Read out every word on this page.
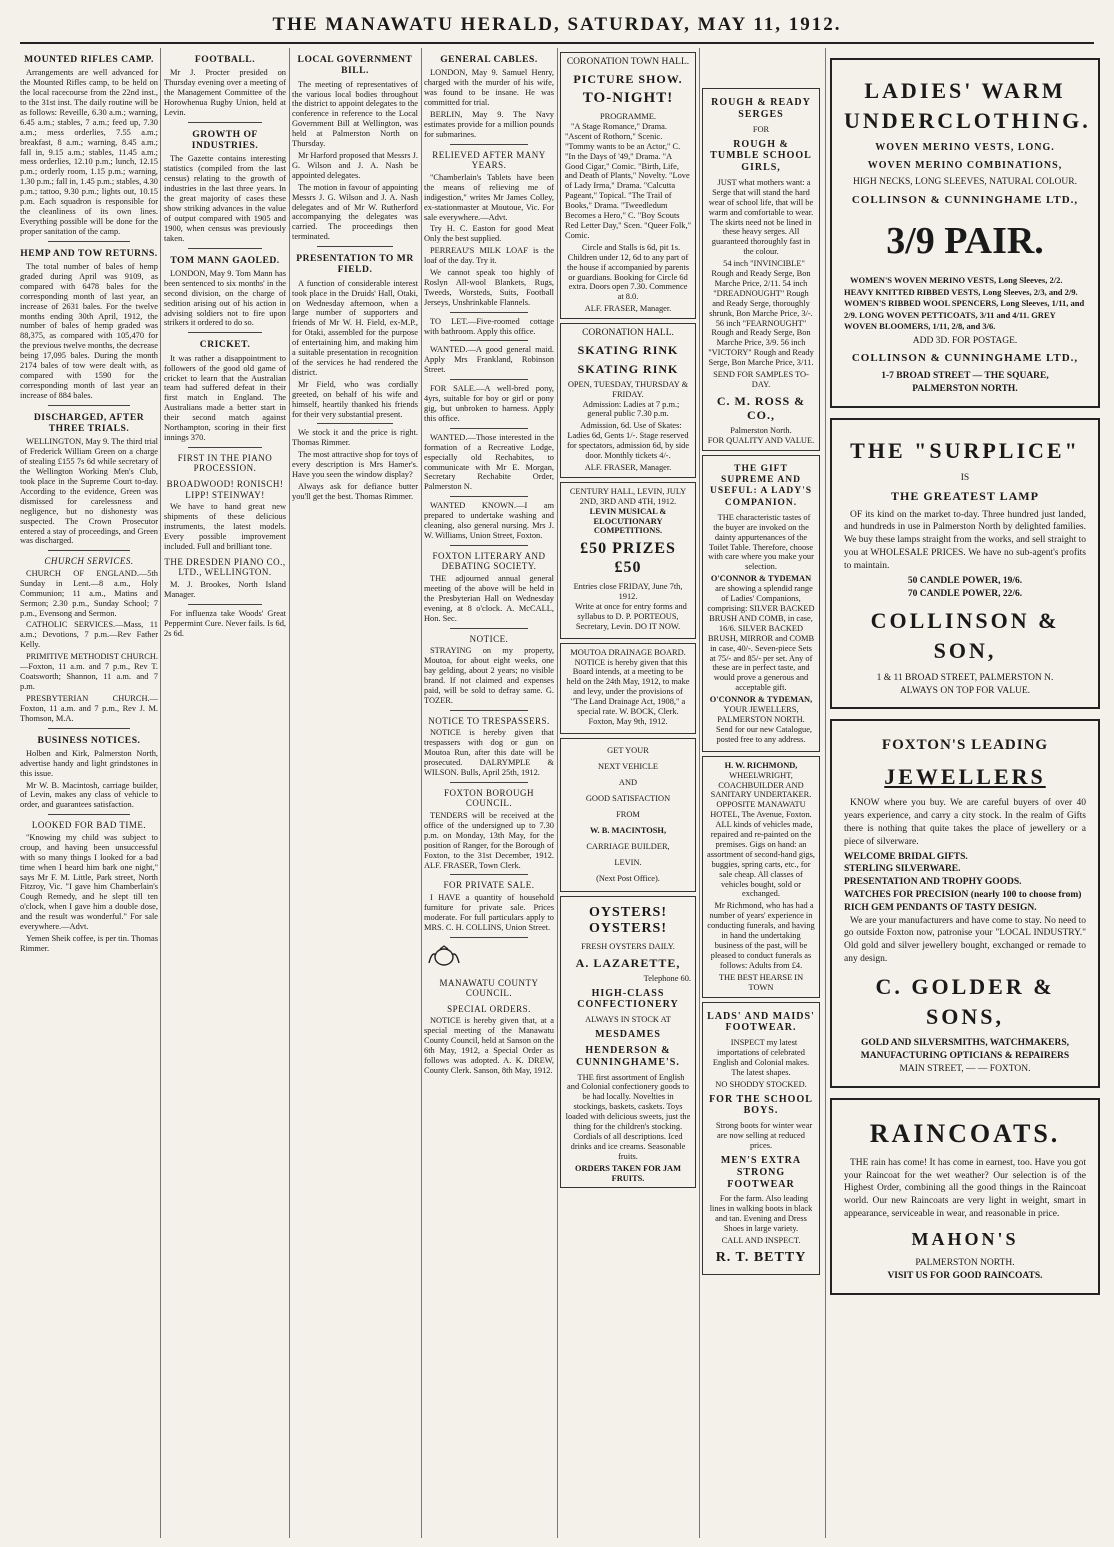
THE MANAWATU HERALD, SATURDAY, MAY 11, 1912.
MOUNTED RIFLES CAMP.

Arrangements are well advanced for the Mounted Rifles camp, to be held on the local racecourse from the 22nd inst., to the 31st inst. The daily routine will be as follows: Reveille, 6.30 a.m.; warning, 6.45 a.m.; stables, 7 a.m.; feed up, 7.30 a.m.; mess orderlies, 7.55 a.m.; breakfast, 8 a.m.; warning, 8.45 a.m.; fall in, 9.15 a.m.; stables, 11.45 a.m.; mess orderlies, 12.10 p.m.; lunch, 12.15 p.m.; orderly room, 1.15 p.m.; warning, 1.30 p.m.; fall in, 1.45 p.m.; stables, 4.30 p.m.; tattoo, 9.30 p.m.; lights out, 10.15 p.m. Each squadron is responsible for the cleanliness of its own lines. Everything possible will be done for the proper sanitation of the camp.

HEMP AND TOW RETURNS.

The total number of bales of hemp graded during April was 9109, as compared with 6478 bales for the corresponding month of last year, an increase of 2631 bales. For the twelve months ending 30th April, 1912, the number of bales of hemp graded was 88,375, as compared with 105,470 for the previous twelve months, the decrease being 17,095 bales. During the month 2174 bales of tow were dealt with, as compared with 1590 for the corresponding month of last year an increase of 884 bales.

DISCHARGED, AFTER THREE TRIALS.

WELLINGTON, May 9. The third trial of Frederick William Green on a charge of stealing £155 7s 6d while secretary of the Wellington Working Men's Club, took place in the Supreme Court to-day. According to the evidence, Green was dismissed for carelessness and negligence, but no dishonesty was suspected. The Crown Prosecutor entered a stay of proceedings, and Green was discharged.

CHURCH SERVICES.

CHURCH OF ENGLAND.—5th Sunday in Lent.—8 a.m., Holy Communion; 11 a.m., Matins and Sermon; 2.30 p.m., Sunday School; 7 p.m., Evensong and Sermon.

CATHOLIC SERVICES.—Mass, 11 a.m.; Devotions, 7 p.m.—Rev Father Kelly.

PRIMITIVE METHODIST CHURCH.—Foxton, 11 a.m. and 7 p.m., Rev T. Coatsworth; Shannon, 11 a.m. and 7 p.m.

PRESBYTERIAN CHURCH.—Foxton, 11 a.m. and 7 p.m., Rev J. M. Thomson, M.A.

BUSINESS NOTICES.

Holben and Kirk, Palmerston North, advertise handy and light grindstones in this issue.

Mr W. B. Macintosh, carriage builder, of Levin, makes any class of vehicle to order, and guarantees satisfaction.

LOOKED FOR BAD TIME.

"Knowing my child was subject to croup, and having been unsuccessful with so many things I looked for a bad time when I heard him bark one night," says Mr F. M. Little, Park street, North Fitzroy, Vic. "I gave him Chamberlain's Cough Remedy, and he slept till ten o'clock, when I gave him a double dose, and the result was wonderful." For sale everywhere.—Advt.

Yemen Sheik coffee, is per tin. Thomas Rimmer.

FOOTBALL.

Mr J. Procter presided on Thursday evening over a meeting of the Management Committee of the Horowhenua Rugby Union, held at Levin.

GROWTH OF INDUSTRIES.

The Gazette contains interesting statistics (compiled from the last census) relating to the growth of industries in the last three years. In the great majority of cases these show striking advances in the value of output compared with 1905 and 1900, when census was previously taken.

TOM MANN GAOLED.

LONDON, May 9. Tom Mann has been sentenced to six months' in the second division, on the charge of sedition arising out of his action in advising soldiers not to fire upon strikers it ordered to do so.

CRICKET.

It was rather a disappointment to followers of the good old game of cricket to learn that the Australian team had suffered defeat in their first match in England. The Australians made a better start in their second match against Northampton, scoring in their first innings 370.

FIRST IN THE PIANO PROCESSION.
BROADWOOD! RONISCH! LIPP! STEINWAY!

We have to hand great new shipments of these delicious instruments, the latest models. Every possible improvement included. Full and brilliant tone.

THE DRESDEN PIANO CO., LTD., WELLINGTON.

M. J. Brookes, North Island Manager.

For influenza take Woods' Great Peppermint Cure. Never fails. Is 6d, 2s 6d.

LOCAL GOVERNMENT BILL.

The meeting of representatives of the various local bodies throughout the district to appoint delegates to the conference in reference to the Local Government Bill at Wellington, was held at Palmerston North on Thursday.

Mr Harford proposed that Messrs J. G. Wilson and J. A. Nash be appointed delegates.

The motion in favour of appointing Messrs J. G. Wilson and J. A. Nash delegates and of Mr W. Rutherford accompanying the delegates was carried. The proceedings then terminated.

PRESENTATION TO MR FIELD.

A function of considerable interest took place in the Druids' Hall, Otaki, on Wednesday afternoon, when a large number of supporters and friends of Mr W. H. Field, ex-M.P., for Otaki, assembled for the purpose of entertaining him, and making him a suitable presentation in recognition of the services he had rendered the district.

Mr Field, who was cordially greeted, on behalf of his wife and himself, heartily thanked his friends for their very substantial present.

We stock it and the price is right. Thomas Rimmer.

The most attractive shop for toys of every description is Mrs Hamer's. Have you seen the window display?

Always ask for defiance butter you'll get the best. Thomas Rimmer.

GENERAL CABLES.

LONDON, May 9. Samuel Henry, charged with the murder of his wife, was found to be insane. He was committed for trial.

BERLIN, May 9. The Navy estimates provide for a million pounds for submarines.

RELIEVED AFTER MANY YEARS.

"Chamberlain's Tablets have been the means of relieving me of indigestion," writes Mr James Colley, ex-stationmaster at Moutoue, Vic. For sale everywhere.—Advt.

Try H. C. Easton for good Meat Only the best supplied.

PERREAU'S MILK LOAF is the loaf of the day. Try it.

We cannot speak too highly of Roslyn All-wool Blankets, Rugs, Tweeds, Worsteds, Suits, Football Jerseys, Unshrinkable Flannels.

TO LET.—Five-roomed cottage with bathroom. Apply this office.

WANTED.—A good general maid. Apply Mrs Frankland, Robinson Street.

FOR SALE.—A well-bred pony, 4yrs, suitable for boy or girl or pony gig, but unbroken to harness. Apply this office.

WANTED.—Those interested in the formation of a Recreative Lodge, especially old Rechabites, to communicate with Mr E. Morgan, Secretary Rechabite Order, Palmerston N.

WANTED KNOWN.—I am prepared to undertake washing and cleaning, also general nursing. Mrs J. W. Williams, Union Street, Foxton.

FOXTON LITERARY AND DEBATING SOCIETY.

THE adjourned annual general meeting of the above will be held in the Presbyterian Hall on Wednesday evening, at 8 o'clock. A. McCALL, Hon. Sec.

NOTICE.

STRAYING on my property, Moutoa, for about eight weeks, one bay gelding, about 2 years; no visible brand. If not claimed and expenses paid, will be sold to defray same. G. TOZER.

NOTICE TO TRESPASSERS.

NOTICE is hereby given that trespassers with dog or gun on Moutoa Run, after this date will be prosecuted. DALRYMPLE & WILSON. Bulls, April 25th, 1912.

FOXTON BOROUGH COUNCIL.

TENDERS will be received at the office of the undersigned up to 7.30 p.m. on Monday, 13th May, for the position of Ranger, for the Borough of Foxton, to the 31st December, 1912. ALF. FRASER, Town Clerk.

FOR PRIVATE SALE.

I HAVE a quantity of household furniture for private sale. Prices moderate. For full particulars apply to MRS. C. H. COLLINS, Union Street.

MANAWATU COUNTY COUNCIL.
SPECIAL ORDERS.

NOTICE is hereby given that, at a special meeting of the Manawatu County Council, held at Sanson on the 6th May, 1912, a Special Order as follows was adopted. A. K. DREW, County Clerk. Sanson, 8th May, 1912.

CORONATION TOWN HALL.
PICTURE SHOW.
TO-NIGHT!
PROGRAMME.

"A Stage Romance," Drama. "Ascent of Rothorn," Scenic. "Tommy wants to be an Actor," C. "In the Days of '49," Drama. "A Good Cigar," Comic. "Birth, Life, and Death of Plants," Novelty. "Love of Lady Irma," Drama. "Calcutta Pageant," Topical. "The Trail of Books," Drama. "Tweedledum Becomes a Hero," C. "Boy Scouts Red Letter Day," Scen. "Queer Folk," Comic.

Circle and Stalls is 6d, pit 1s. Children under 12, 6d to any part of the house if accompanied by parents or guardians. Booking for Circle 6d extra. Doors open 7.30. Commence at 8.0.

ALF. FRASER, Manager.
CORONATION HALL.
SKATING RINK
SKATING RINK
OPEN, TUESDAY, THURSDAY & FRIDAY.

Admission: Ladies at 7 p.m.; general public 7.30 p.m.

Admission, 6d. Use of Skates: Ladies 6d, Gents 1/-. Stage reserved for spectators, admission 6d, by side door. Monthly tickets 4/-.

ALF. FRASER, Manager.
CENTURY HALL, LEVIN, JULY 2ND, 3RD AND 4TH, 1912.
LEVIN MUSICAL & ELOCUTIONARY COMPETITIONS.
£50 PRIZES £50
Entries close FRIDAY, June 7th, 1912.

Write at once for entry forms and syllabus to D. P. PORTEOUS, Secretary, Levin. DO IT NOW.

MOUTOA DRAINAGE BOARD.

NOTICE is hereby given that this Board intends, at a meeting to be held on the 24th May, 1912, to make and levy, under the provisions of "The Land Drainage Act, 1908," a special rate. W. BOCK, Clerk. Foxton, May 9th, 1912.

GET YOUR
NEXT VEHICLE
AND
GOOD SATISFACTION
FROM
W. B. MACINTOSH,
CARRIAGE BUILDER,
LEVIN.
(Next Post Office).
OYSTERS! OYSTERS!
FRESH OYSTERS DAILY.
A. LAZARETTE,
Telephone 60.
HIGH-CLASS CONFECTIONERY
ALWAYS IN STOCK AT
MESDAMES
HENDERSON & CUNNINGHAME'S.

THE first assortment of English and Colonial confectionery goods to be had locally. Novelties in stockings, baskets, caskets. Toys loaded with delicious sweets, just the thing for the children's stocking. Cordials of all descriptions. Iced drinks and ice creams. Seasonable fruits.

ORDERS TAKEN FOR JAM FRUITS.
ROUGH & READY SERGES
FOR
ROUGH & TUMBLE SCHOOL GIRLS,

JUST what mothers want: a Serge that will stand the hard wear of school life, that will be warm and comfortable to wear. The skirts need not be lined in these heavy serges. All guaranteed thoroughly fast in the colour.

54 inch "INVINCIBLE" Rough and Ready Serge, Bon Marche Price, 2/11. 54 inch "DREADNOUGHT" Rough and Ready Serge, thoroughly shrunk, Bon Marche Price, 3/-. 56 inch "FEARNOUGHT" Rough and Ready Serge, Bon Marche Price, 3/9. 56 inch "VICTORY" Rough and Ready Serge, Bon Marche Price, 3/11.

SEND FOR SAMPLES TO-DAY.
C. M. ROSS & CO.,
Palmerston North.
FOR QUALITY AND VALUE.
THE GIFT SUPREME AND USEFUL: A LADY'S COMPANION.

THE characteristic tastes of the buyer are invoked on the dainty appurtenances of the Toilet Table. Therefore, choose with care where you make your selection.

O'CONNOR & TYDEMAN

are showing a splendid range of Ladies' Companions, comprising: SILVER BACKED BRUSH AND COMB, in case, 16/6. SILVER BACKED BRUSH, MIRROR and COMB in case, 40/-. Seven-piece Sets at 75/- and 85/- per set. Any of these are in perfect taste, and would prove a generous and acceptable gift.

O'CONNOR & TYDEMAN,
YOUR JEWELLERS,
PALMERSTON NORTH.

Send for our new Catalogue, posted free to any address.

H. W. RICHMOND,
WHEELWRIGHT, COACHBUILDER AND SANITARY UNDERTAKER.
OPPOSITE MANAWATU HOTEL, The Avenue, Foxton.

ALL kinds of vehicles made, repaired and re-painted on the premises. Gigs on hand: an assortment of second-hand gigs, buggies, spring carts, etc., for sale cheap. All classes of vehicles bought, sold or exchanged.

Mr Richmond, who has had a number of years' experience in conducting funerals, and having in hand the undertaking business of the past, will be pleased to conduct funerals as follows: Adults from £4.

THE BEST HEARSE IN TOWN
LADS' AND MAIDS' FOOTWEAR.

INSPECT my latest importations of celebrated English and Colonial makes. The latest shapes.

NO SHODDY STOCKED.
FOR THE SCHOOL BOYS.

Strong boots for winter wear are now selling at reduced prices.

MEN'S EXTRA STRONG FOOTWEAR

For the farm. Also leading lines in walking boots in black and tan. Evening and Dress Shoes in large variety.

CALL AND INSPECT.
R. T. BETTY
LADIES' WARM UNDERCLOTHING.
WOVEN MERINO VESTS, LONG.
WOVEN MERINO COMBINATIONS,
HIGH NECKS, LONG SLEEVES, NATURAL COLOUR.
COLLINSON & CUNNINGHAME LTD.,
3/9 PAIR.

WOMEN'S WOVEN MERINO VESTS, Long Sleeves, 2/2. HEAVY KNITTED RIBBED VESTS, Long Sleeves, 2/3, and 2/9. WOMEN'S RIBBED WOOL SPENCERS, Long Sleeves, 1/11, and 2/9. LONG WOVEN PETTICOATS, 3/11 and 4/11. GREY WOVEN BLOOMERS, 1/11, 2/8, and 3/6.

ADD 3D. FOR POSTAGE.
COLLINSON & CUNNINGHAME LTD.,
1-7 BROAD STREET — THE SQUARE,
PALMERSTON NORTH.
THE "SURPLICE"
IS
THE GREATEST LAMP

OF its kind on the market to-day. Three hundred just landed, and hundreds in use in Palmerston North by delighted families. We buy these lamps straight from the works, and sell straight to you at WHOLESALE PRICES. We have no sub-agent's profits to maintain.

50 CANDLE POWER, 19/6.
70 CANDLE POWER, 22/6.
COLLINSON & SON,
1 & 11 BROAD STREET, PALMERSTON N.
ALWAYS ON TOP FOR VALUE.
FOXTON'S LEADING
JEWELLERS

KNOW where you buy. We are careful buyers of over 40 years experience, and carry a city stock. In the realm of Gifts there is nothing that quite takes the place of jewellery or a piece of silverware.

WELCOME BRIDAL GIFTS.
STERLING SILVERWARE.
PRESENTATION AND TROPHY GOODS.
WATCHES FOR PRECISION (nearly 100 to choose from)
RICH GEM PENDANTS OF TASTY DESIGN.

We are your manufacturers and have come to stay. No need to go outside Foxton now, patronise your "LOCAL INDUSTRY." Old gold and silver jewellery bought, exchanged or remade to any design.

C. GOLDER & SONS,
GOLD AND SILVERSMITHS, WATCHMAKERS, MANUFACTURING OPTICIANS & REPAIRERS
MAIN STREET, — — FOXTON.
RAINCOATS.

THE rain has come! It has come in earnest, too. Have you got your Raincoat for the wet weather? Our selection is of the Highest Order, combining all the good things in the Raincoat world. Our new Raincoats are very light in weight, smart in appearance, serviceable in wear, and reasonable in price.

MAHON'S
PALMERSTON NORTH.
VISIT US FOR GOOD RAINCOATS.
